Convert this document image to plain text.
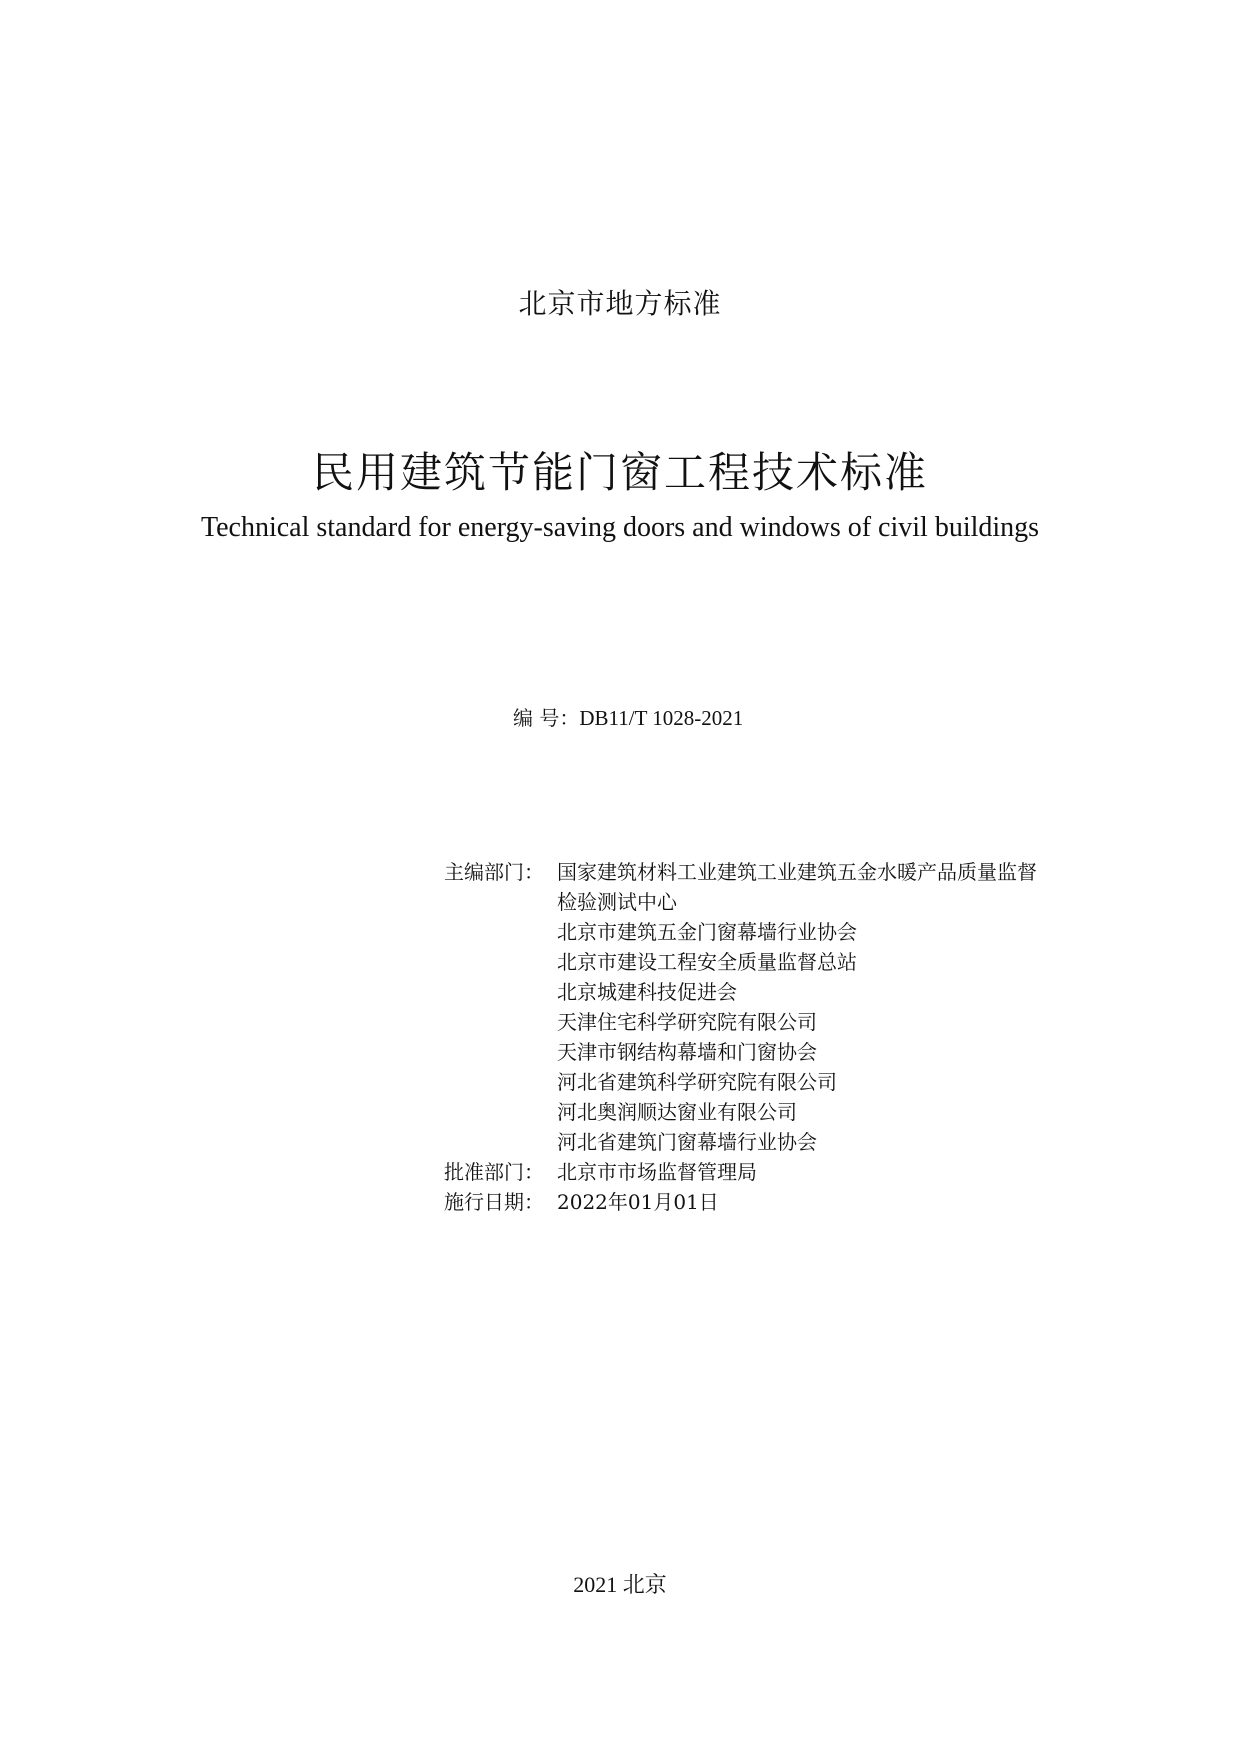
北京市地方标准
民用建筑节能门窗工程技术标准
Technical standard for energy-saving doors and windows of civil buildings
编 号：DB11/T 1028-2021
主编部门： 国家建筑材料工业建筑工业建筑五金水暖产品质量监督
检验测试中心
北京市建筑五金门窗幕墙行业协会
北京市建设工程安全质量监督总站
北京城建科技促进会
天津住宅科学研究院有限公司
天津市钢结构幕墙和门窗协会
河北省建筑科学研究院有限公司
河北奥润顺达窗业有限公司
河北省建筑门窗幕墙行业协会
批准部门： 北京市市场监督管理局
施行日期： 2022年01月01日
2021 北京
